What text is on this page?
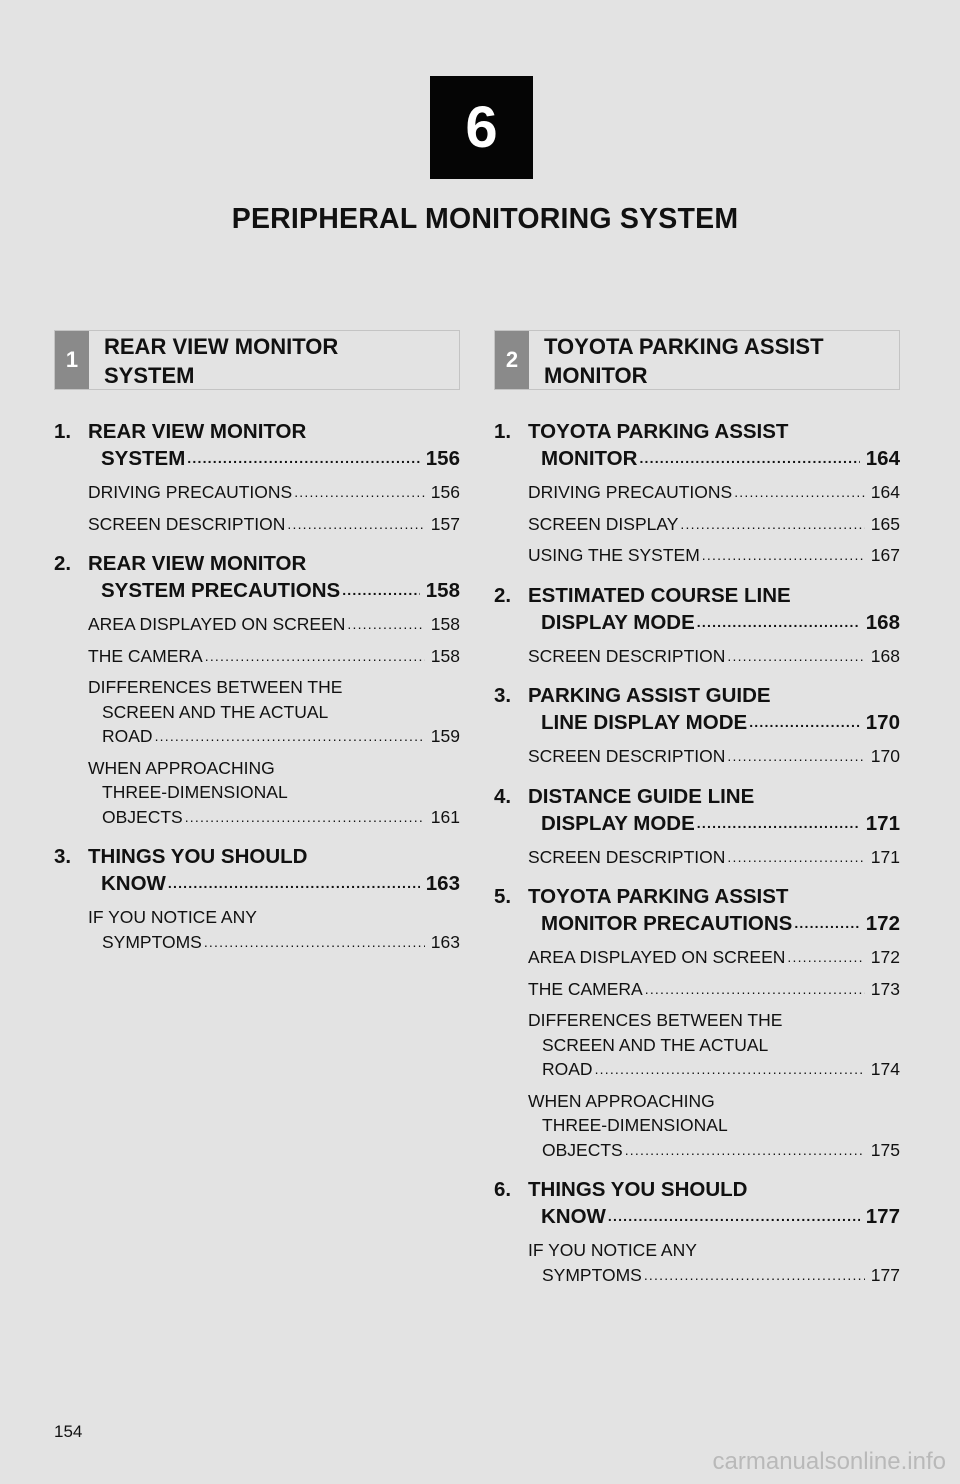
6
PERIPHERAL MONITORING SYSTEM
1
REAR VIEW MONITOR
SYSTEM
1. REAR VIEW MONITOR
SYSTEM .....	156
DRIVING PRECAUTIONS .....	156
SCREEN DESCRIPTION .....	157
2. REAR VIEW MONITOR
SYSTEM PRECAUTIONS .....	158
AREA DISPLAYED ON SCREEN .....	158
THE CAMERA .....	158
DIFFERENCES BETWEEN THE
SCREEN AND THE ACTUAL
ROAD .....	159
WHEN APPROACHING
THREE-DIMENSIONAL
OBJECTS .....	161
3. THINGS YOU SHOULD
KNOW .....	163
IF YOU NOTICE ANY
SYMPTOMS .....	163
2
TOYOTA PARKING ASSIST
MONITOR
1. TOYOTA PARKING ASSIST
MONITOR .....	164
DRIVING PRECAUTIONS .....	164
SCREEN DISPLAY .....	165
USING THE SYSTEM .....	167
2. ESTIMATED COURSE LINE
DISPLAY MODE .....	168
SCREEN DESCRIPTION .....	168
3. PARKING ASSIST GUIDE
LINE DISPLAY MODE .....	170
SCREEN DESCRIPTION .....	170
4. DISTANCE GUIDE LINE
DISPLAY MODE .....	171
SCREEN DESCRIPTION .....	171
5. TOYOTA PARKING ASSIST
MONITOR PRECAUTIONS .....	172
AREA DISPLAYED ON SCREEN .....	172
THE CAMERA .....	173
DIFFERENCES BETWEEN THE
SCREEN AND THE ACTUAL
ROAD .....	174
WHEN APPROACHING
THREE-DIMENSIONAL
OBJECTS .....	175
6. THINGS YOU SHOULD
KNOW .....	177
IF YOU NOTICE ANY
SYMPTOMS .....	177
154
carmanualsonline.info
